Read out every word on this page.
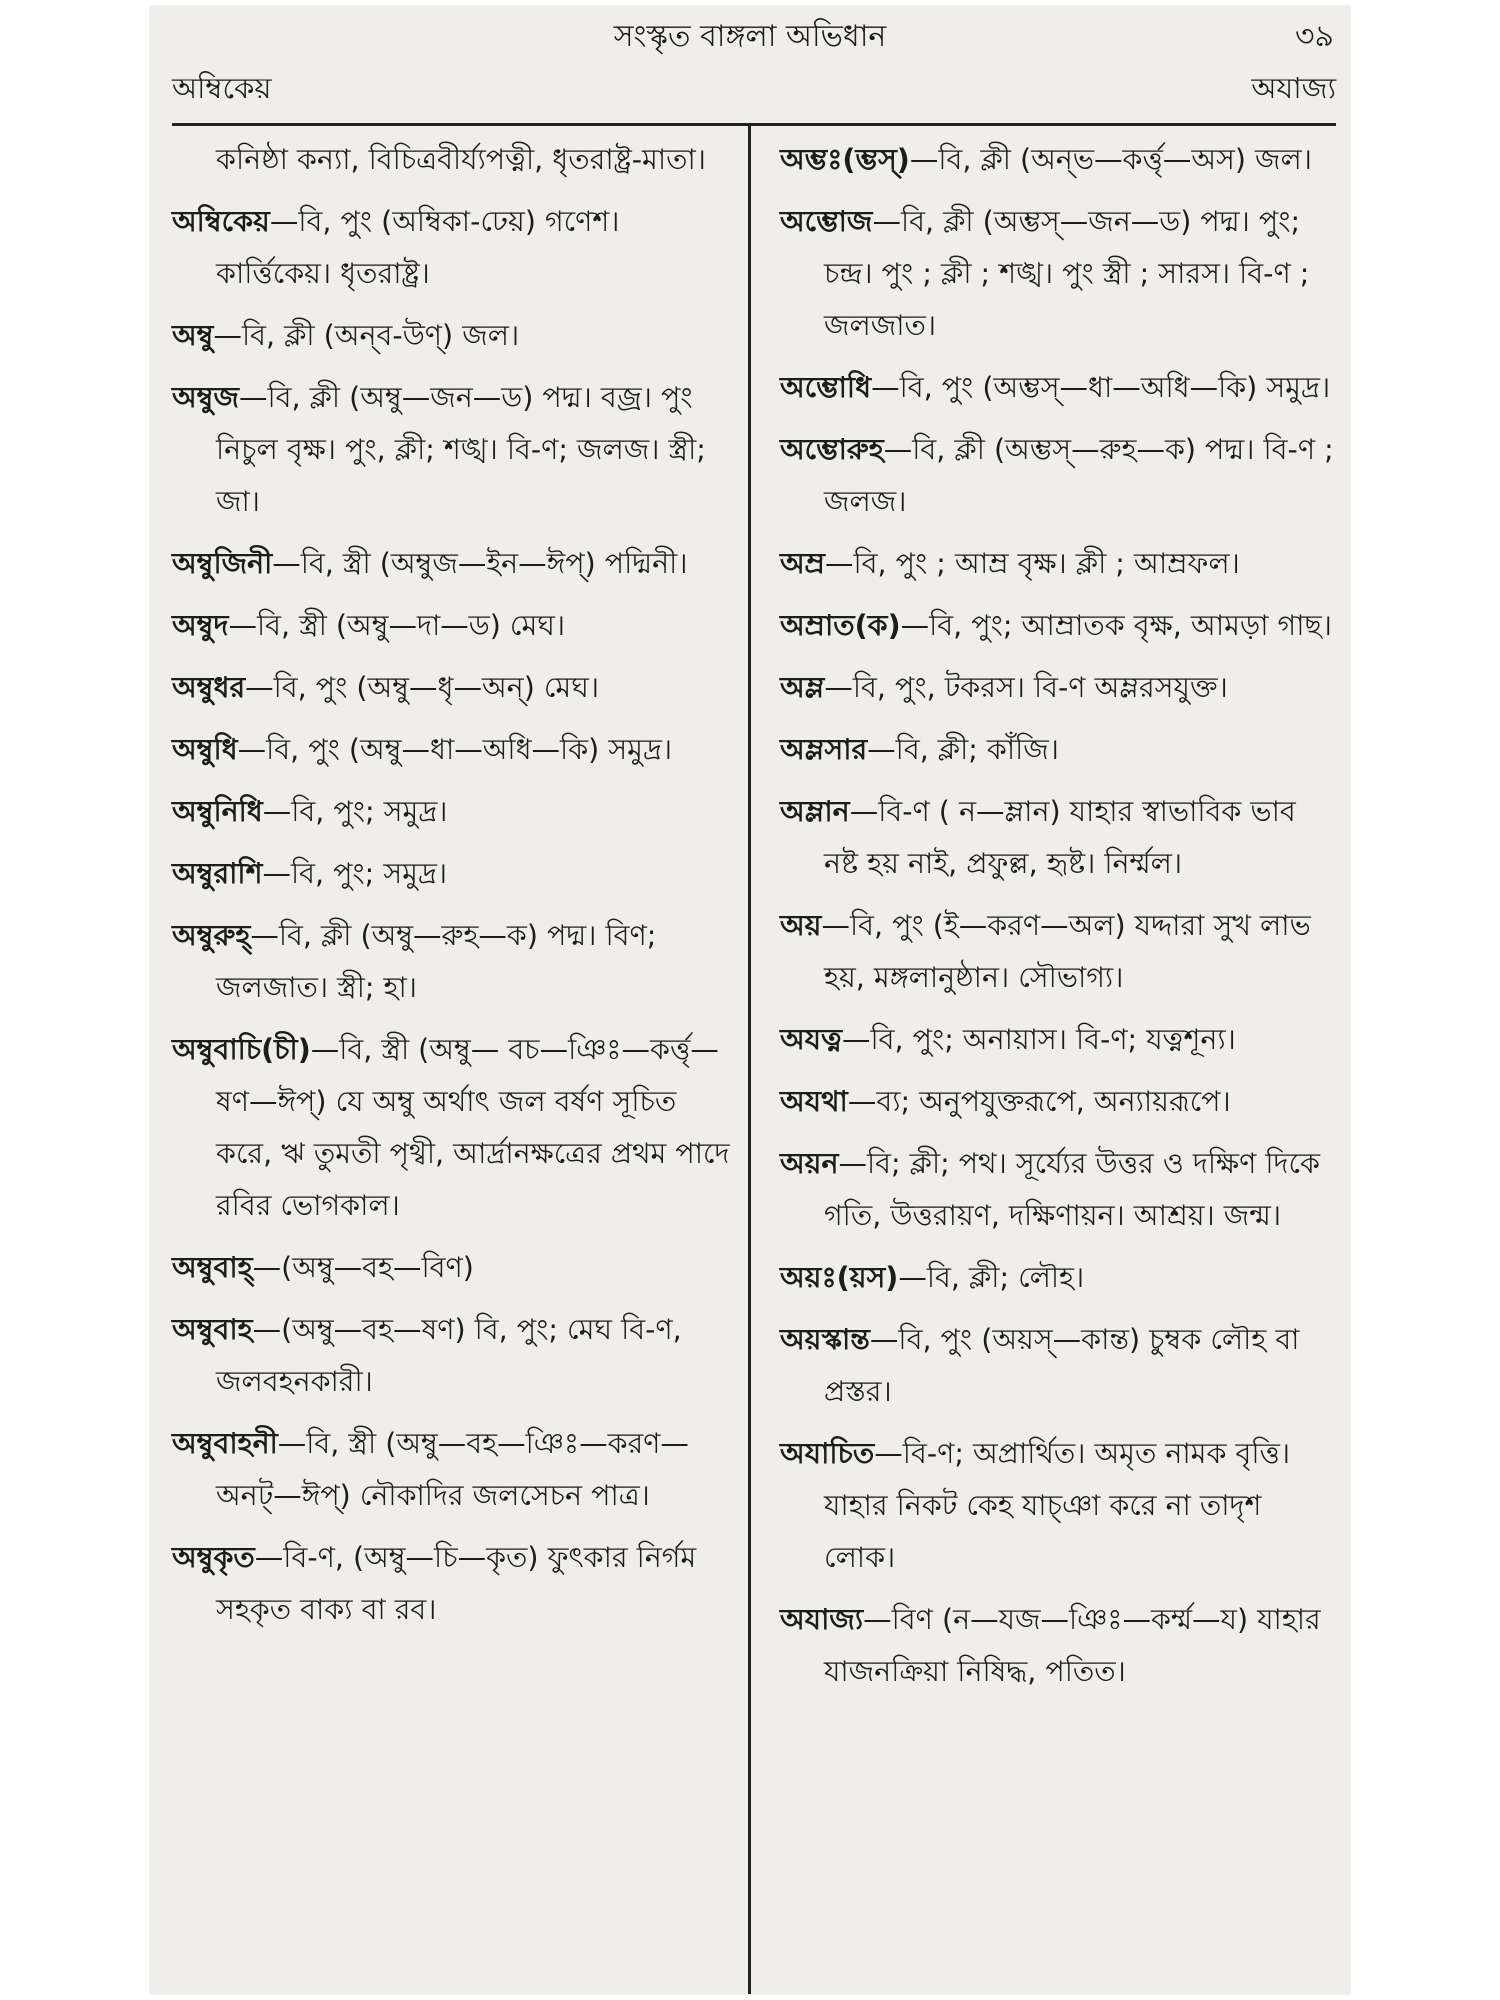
সংস্কৃত বাঙ্গলা অভিধান	৩৯
অম্বিকেয়	অযাজ্য
কনিষ্ঠা কন্যা, বিচিত্রবীর্য্যপত্নী, ধৃতরাষ্ট্র-মাতা।
অম্বিকেয়—বি, পুং (অম্বিকা-ঢেয়) গণেশ। কার্ত্তিকেয়। ধৃতরাষ্ট্র।
অম্বু—বি, ক্লী (অন্‌ব-উণ্‌) জল।
অম্বুজ—বি, ক্লী (অম্বু—জন—ড) পদ্ম। বজ্র। পুং নিচুল বৃক্ষ। পুং, ক্লী; শঙ্খ। বি-ণ; জলজ। স্ত্রী; জা।
অম্বুজিনী—বি, স্ত্রী (অম্বুজ—ইন—ঈপ্‌) পদ্মিনী।
অম্বুদ—বি, স্ত্রী (অম্বু—দা—ড) মেঘ।
অম্বুধর—বি, পুং (অম্বু—ধৃ—অন্‌) মেঘ।
অম্বুধি—বি, পুং (অম্বু—ধা—অধি—কি) সমুদ্র।
অম্বুনিধি—বি, পুং; সমুদ্র।
অম্বুরাশি—বি, পুং; সমুদ্র।
অম্বুরুহ্‌—বি, ক্লী (অম্বু—রুহ—ক) পদ্ম। বিণ; জলজাত। স্ত্রী; হা।
অম্বুবাচি(চী)—বি, স্ত্রী (অম্বু— বচ—ঞিঃ—কর্ত্তৃ—ষণ—ঈপ্‌) যে অম্বু অর্থাৎ জল বর্ষণ সূচিত করে, ঋ তুমতী পৃথ্বী, আর্দ্রানক্ষত্রের প্রথম পাদে রবির ভোগকাল।
অম্বুবাহ্‌—(অম্বু—বহ—বিণ)
অম্বুবাহ—(অম্বু—বহ—ষণ) বি, পুং; মেঘ বি-ণ, জলবহনকারী।
অম্বুবাহনী—বি, স্ত্রী (অম্বু—বহ—ঞিঃ—করণ—অনট্‌—ঈপ্‌) নৌকাদির জলসেচন পাত্র।
অম্বুকৃত—বি-ণ, (অম্বু—চি—কৃত) ফুৎকার নির্গম সহকৃত বাক্য বা রব।
অম্ভঃ(ম্ভস্‌)—বি, ক্লী (অন্‌ভ—কর্ত্তৃ—অস) জল।
অম্ভোজ—বি, ক্লী (অম্ভস্‌—জন—ড) পদ্ম। পুং; চন্দ্র। পুং ; ক্লী ; শঙ্খ। পুং স্ত্রী ; সারস। বি-ণ ; জলজাত।
অম্ভোধি—বি, পুং (অম্ভস্‌—ধা—অধি—কি) সমুদ্র।
অম্ভোরুহ—বি, ক্লী (অম্ভস্‌—রুহ—ক) পদ্ম। বি-ণ ; জলজ।
অম্র—বি, পুং ; আম্র বৃক্ষ। ক্লী ; আম্রফল।
অম্রাত(ক)—বি, পুং; আম্রাতক বৃক্ষ, আমড়া গাছ।
অম্ল—বি, পুং, টকরস। বি-ণ অম্লরসযুক্ত।
অম্লসার—বি, ক্লী; কাঁজি।
অম্লান—বি-ণ ( ন—ম্লান) যাহার স্বাভাবিক ভাব নষ্ট হয় নাই, প্রফুল্ল, হৃষ্ট। নির্ম্মল।
অয়—বি, পুং (ই—করণ—অল) যদ্দারা সুখ লাভ হয়, মঙ্গলানুষ্ঠান। সৌভাগ্য।
অযত্ন—বি, পুং; অনায়াস। বি-ণ; যত্নশূন্য।
অযথা—ব্য; অনুপযুক্তরূপে, অন্যায়রূপে।
অয়ন—বি; ক্লী; পথ। সূর্য্যের উত্তর ও দক্ষিণ দিকে গতি, উত্তরায়ণ, দক্ষিণায়ন। আশ্রয়। জন্ম।
অয়ঃ(য়স)—বি, ক্লী; লৌহ।
অয়স্কান্ত—বি, পুং (অয়স্‌—কান্ত) চুম্বক লৌহ বা প্রস্তর।
অযাচিত—বি-ণ; অপ্রার্থিত। অমৃত নামক বৃত্তি। যাহার নিকট কেহ যাচ্‌ঞা করে না তাদৃশ লোক।
অযাজ্য—বিণ (ন—যজ—ঞিঃ—কর্ম্ম—য) যাহার যাজনক্রিয়া নিষিদ্ধ, পতিত।
